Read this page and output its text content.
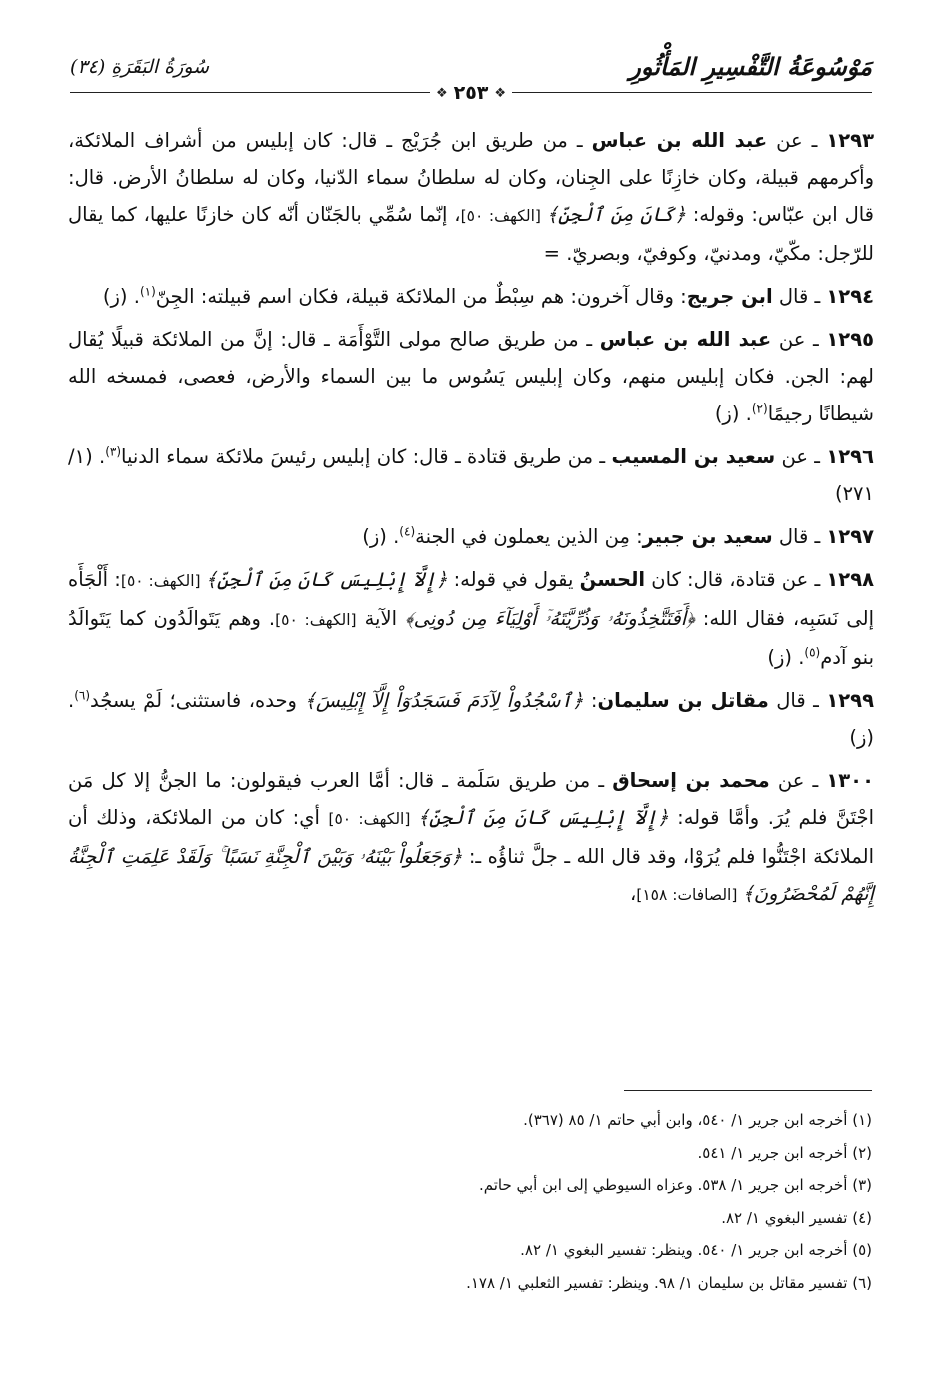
مَوْسُوعَةُ التَّفْسِيرِ المَأْثُورِ
سُورَةُ البَقَرَةِ (٣٤)
❖٢٥٣❖

١٢٩٣ ـ عن عبد الله بن عباس ـ من طريق ابن جُرَيْج ـ قال: كان إبليس من أشراف الملائكة، وأكرمهم قبيلة، وكان خازِنًا على الجِنان، وكان له سلطانُ سماء الدّنيا، وكان له سلطانُ الأرض. قال: قال ابن عبّاس: وقوله: ﴿كَانَ مِنَ ٱلْجِنِّ﴾ [الكهف: ٥٠]، إنّما سُمِّي بالجَنّان أنّه كان خازنًا عليها، كما يقال للرّجل: مكّيّ، ومدنيّ، وكوفيّ، وبصريّ. =

١٢٩٤ ـ قال ابن جريج: وقال آخرون: هم سِبْطٌ من الملائكة قبيلة، فكان اسم قبيلته: الجِنّ$^{(١)}$. (ز)

١٢٩٥ ـ عن عبد الله بن عباس ـ من طريق صالح مولى التَّوْأَمَة ـ قال: إنَّ من الملائكة قبيلًا يُقال لهم: الجن. فكان إبليس منهم، وكان إبليس يَسُوس ما بين السماء والأرض، فعصى، فمسخه الله شيطانًا رجيمًا$^{(٢)}$. (ز)

١٢٩٦ ـ عن سعيد بن المسيب ـ من طريق قتادة ـ قال: كان إبليس رئيسَ ملائكة سماء الدنيا$^{(٣)}$. (١/ ٢٧١)

١٢٩٧ ـ قال سعيد بن جبير: مِن الذين يعملون في الجنة$^{(٤)}$. (ز)

١٢٩٨ ـ عن قتادة، قال: كان الحسنُ يقول في قوله: ﴿إِلَّآ إِبْلِيسَ كَانَ مِنَ ٱلْجِنِّ﴾ [الكهف: ٥٠]: أَلْجَأَه إلى نَسَبِه، فقال الله: ﴿أَفَتَتَّخِذُونَهُۥ وَذُرِّيَّتَهُۥٓ أَوْلِيَآءَ مِن دُونِى﴾ الآية [الكهف: ٥٠]. وهم يَتَوالَدُون كما يَتَوالَدُ بنو آدم$^{(٥)}$. (ز)

١٢٩٩ ـ قال مقاتل بن سليمان: ﴿ٱسْجُدُواْ لِآدَمَ فَسَجَدُوٓاْ إِلَّآ إِبْلِيسَ﴾ وحده، فاستثنى؛ لَمْ يسجُد$^{(٦)}$. (ز)

١٣٠٠ ـ عن محمد بن إسحاق ـ من طريق سَلَمة ـ قال: أمَّا العرب فيقولون: ما الجنُّ إلا كل مَن اجْتَنَّ فلم يُرَ. وأمَّا قوله: ﴿إِلَّآ إِبْلِيسَ كَانَ مِنَ ٱلْجِنِّ﴾ [الكهف: ٥٠] أي: كان من الملائكة، وذلك أن الملائكة اجْتَنُّوا فلم يُرَوْا، وقد قال الله ـ جلَّ ثناؤُه ـ: ﴿وَجَعَلُواْ بَيْنَهُۥ وَبَيْنَ ٱلْجِنَّةِ نَسَبًا ۚ وَلَقَدْ عَلِمَتِ ٱلْجِنَّةُ إِنَّهُمْ لَمُحْضَرُونَ﴾ [الصافات: ١٥٨]،

(١) أخرجه ابن جرير ١/ ٥٤٠، وابن أبي حاتم ١/ ٨٥ (٣٦٧).

(٢) أخرجه ابن جرير ١/ ٥٤١.

(٣) أخرجه ابن جرير ١/ ٥٣٨. وعزاه السيوطي إلى ابن أبي حاتم.

(٤) تفسير البغوي ١/ ٨٢.

(٥) أخرجه ابن جرير ١/ ٥٤٠. وينظر: تفسير البغوي ١/ ٨٢.

(٦) تفسير مقاتل بن سليمان ١/ ٩٨. وينظر: تفسير الثعلبي ١/ ١٧٨.
